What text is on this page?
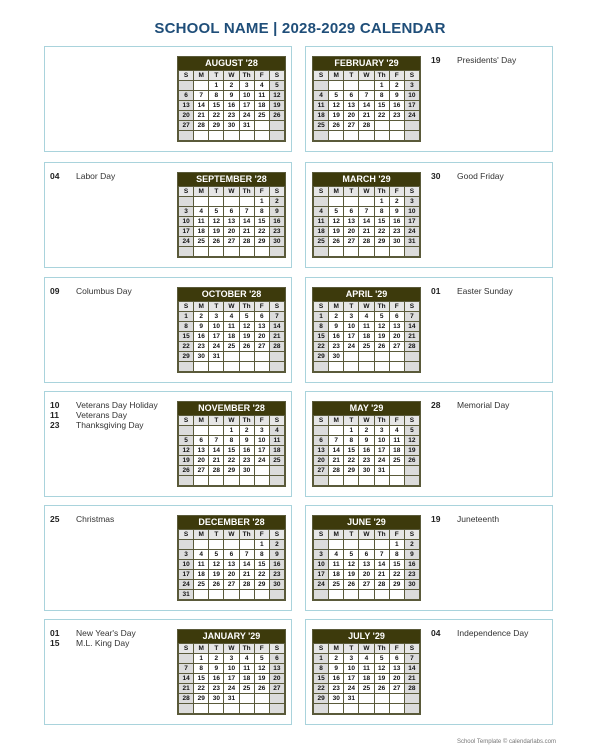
SCHOOL NAME | 2028-2029 CALENDAR
AUGUST '28
S	M	T	W	Th	F	S
		1	2	3	4	5
6	7	8	9	10	11	12
13	14	15	16	17	18	19
20	21	22	23	24	25	26
27	28	29	30	31		

19	Presidents' Day
FEBRUARY '29
S	M	T	W	Th	F	S
				1	2	3
4	5	6	7	8	9	10
11	12	13	14	15	16	17
18	19	20	21	22	23	24
25	26	27	28			

04	Labor Day	SEPTEMBER '28
S	M	T	W	Th	F	S
					1	2
3	4	5	6	7	8	9
10	11	12	13	14	15	16
17	18	19	20	21	22	23
24	25	26	27	28	29	30

30	Good Friday
MARCH '29
S	M	T	W	Th	F	S
				1	2	3
4	5	6	7	8	9	10
11	12	13	14	15	16	17
18	19	20	21	22	23	24
25	26	27	28	29	30	31

09	Columbus Day	OCTOBER '28
S	M	T	W	Th	F	S
1	2	3	4	5	6	7
8	9	10	11	12	13	14
15	16	17	18	19	20	21
22	23	24	25	26	27	28
29	30	31				

01	Easter Sunday
APRIL '29
S	M	T	W	Th	F	S
1	2	3	4	5	6	7
8	9	10	11	12	13	14
15	16	17	18	19	20	21
22	23	24	25	26	27	28
29	30					

10	Veterans Day Holiday
11	Veterans Day
23	Thanksgiving Day
NOVEMBER '28
S	M	T	W	Th	F	S
			1	2	3	4
5	6	7	8	9	10	11
12	13	14	15	16	17	18
19	20	21	22	23	24	25
26	27	28	29	30		

28	Memorial Day
MAY '29
S	M	T	W	Th	F	S
		1	2	3	4	5
6	7	8	9	10	11	12
13	14	15	16	17	18	19
20	21	22	23	24	25	26
27	28	29	30	31		

25	Christmas	DECEMBER '28
S	M	T	W	Th	F	S
					1	2
3	4	5	6	7	8	9
10	11	12	13	14	15	16
17	18	19	20	21	22	23
24	25	26	27	28	29	30
31						
19	Juneteenth
JUNE '29
S	M	T	W	Th	F	S
					1	2
3	4	5	6	7	8	9
10	11	12	13	14	15	16
17	18	19	20	21	22	23
24	25	26	27	28	29	30

01	New Year's Day
15	M.L. King Day
JANUARY '29
S	M	T	W	Th	F	S
	1	2	3	4	5	6
7	8	9	10	11	12	13
14	15	16	17	18	19	20
21	22	23	24	25	26	27
28	29	30	31			

04	Independence Day
JULY '29
S	M	T	W	Th	F	S
1	2	3	4	5	6	7
8	9	10	11	12	13	14
15	16	17	18	19	20	21
22	23	24	25	26	27	28
29	30	31				

School Template © calendarlabs.com
